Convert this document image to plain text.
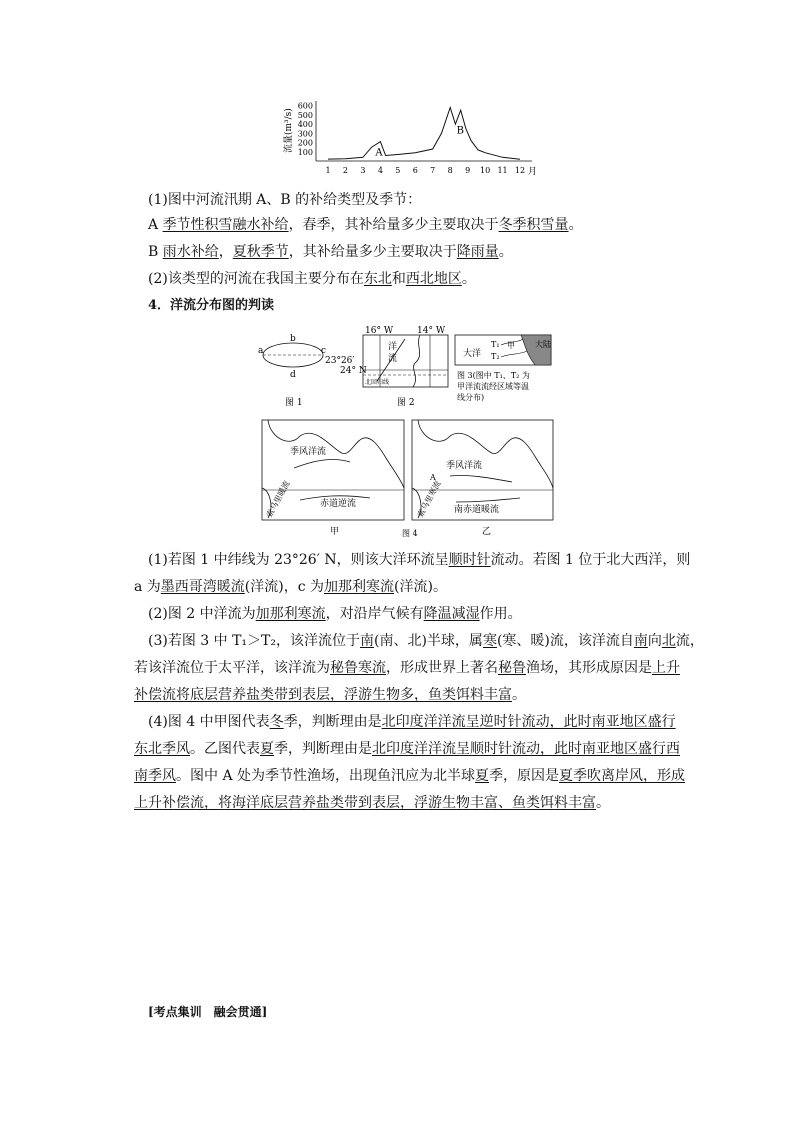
流量(m³/s)
600
500
400
300
200
100
1 2 3 4 5 6 7 8 9 10 11 12
A
B
月
(1)图中河流汛期 A、B 的补给类型及季节：
A 季节性积雪融水补给，春季，其补给量多少主要取决于冬季积雪量。
B 雨水补给，夏秋季节，其补给量多少主要取决于降雨量。
(2)该类型的河流在我国主要分布在东北和西北地区。
4．洋流分布图的判读
a
b
c
d
23°26′
图 1
16° W	14° W
24° N
洋
流
北回归线
图 2
大陆
大洋
T₁
T₂
甲
图 3(图中 T₁、T₂ 为
甲洋流流经区域等温
线分布)
季风洋流
赤道逆流
索马里暖流
甲
季风洋流
南赤道暖流
索马里寒流
A
乙
图 4
(1)若图 1 中纬线为 23°26′ N，则该大洋环流呈顺时针流动。若图 1 位于北大西洋，则
a 为墨西哥湾暖流(洋流)，c 为加那利寒流(洋流)。
(2)图 2 中洋流为加那利寒流，对沿岸气候有降温减湿作用。
(3)若图 3 中 T₁＞T₂，该洋流位于南(南、北)半球，属寒(寒、暖)流，该洋流自南向北流，
若该洋流位于太平洋，该洋流为秘鲁寒流，形成世界上著名秘鲁渔场，其形成原因是上升
补偿流将底层营养盐类带到表层，浮游生物多，鱼类饵料丰富。
(4)图 4 中甲图代表冬季，判断理由是北印度洋洋流呈逆时针流动，此时南亚地区盛行
东北季风。乙图代表夏季，判断理由是北印度洋洋流呈顺时针流动，此时南亚地区盛行西
南季风。图中 A 处为季节性渔场，出现鱼汛应为北半球夏季，原因是夏季吹离岸风，形成
上升补偿流，将海洋底层营养盐类带到表层，浮游生物丰富、鱼类饵料丰富。
[考点集训　融会贯通]
